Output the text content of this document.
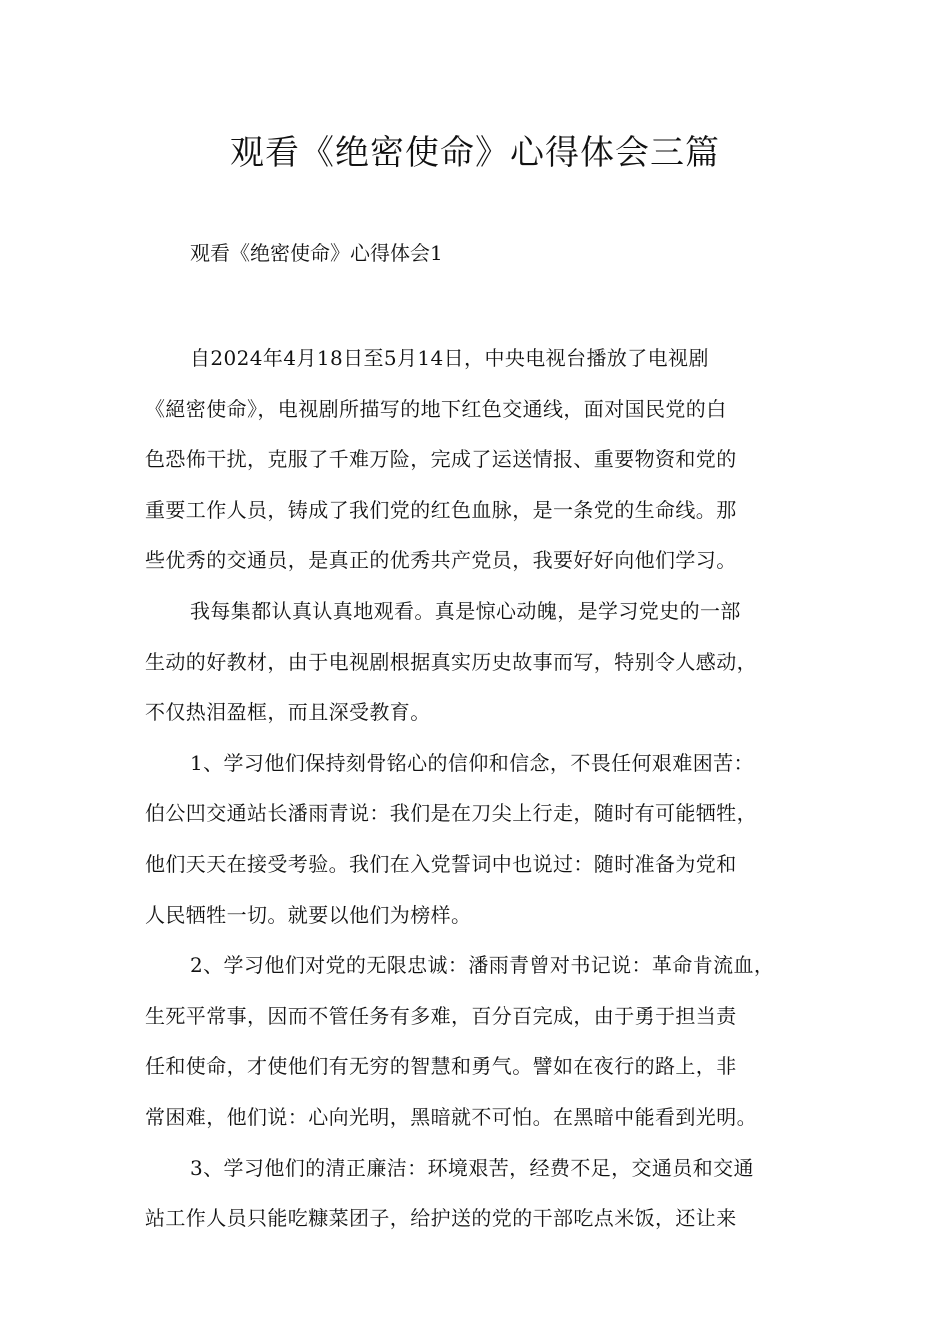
观看《绝密使命》心得体会三篇

观看《绝密使命》心得体会1

自2024年4月18日至5月14日，中央电视台播放了电视剧
《絕密使命》，电视剧所描写的地下红色交通线，面对国民党的白
色恐佈干扰，克服了千难万险，完成了运送情报、重要物资和党的
重要工作人员，铸成了我们党的红色血脉，是一条党的生命线。那
些优秀的交通员，是真正的优秀共产党员，我要好好向他们学习。

我每集都认真认真地观看。真是惊心动魄，是学习党史的一部
生动的好教材，由于电视剧根据真实历史故事而写，特别令人感动，
不仅热泪盈框，而且深受教育。

1、学习他们保持刻骨铭心的信仰和信念，不畏任何艰难困苦：
伯公凹交通站长潘雨青说：我们是在刀尖上行走，随时有可能牺牲，
他们天天在接受考验。我们在入党誓词中也说过：随时准备为党和
人民牺牲一切。就要以他们为榜样。

2、学习他们对党的无限忠诚：潘雨青曾对书记说：革命肯流血，
生死平常事，因而不管任务有多难，百分百完成，由于勇于担当责
任和使命，才使他们有无穷的智慧和勇气。譬如在夜行的路上，非
常困难，他们说：心向光明，黑暗就不可怕。在黑暗中能看到光明。

3、学习他们的清正廉洁：环境艰苦，经费不足，交通员和交通
站工作人员只能吃糠菜团子，给护送的党的干部吃点米饭，还让来
